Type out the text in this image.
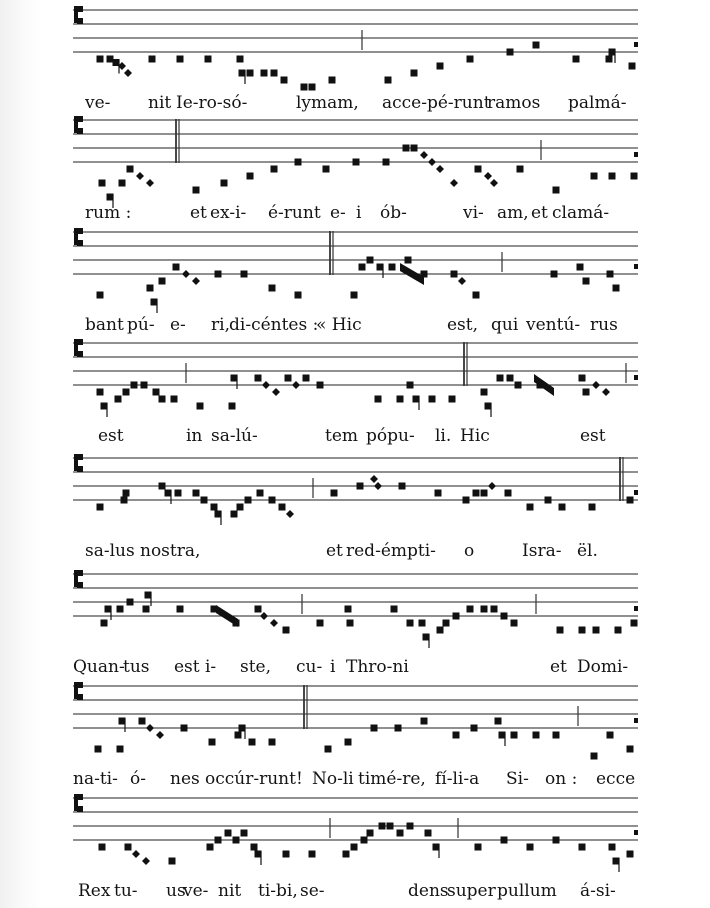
ve- nit Ie-ro-só-	lymam, acce-pé-runt
ramos palmá-
rum :	et ex-i- é-runt e- i ób-	vi- am, et clamá-
bant pú- e- ri, di-céntes :
« Hic	est, qui ventú- rus
est	in sa-lú-	tem pópu- li. Hic	est
sa-lus nostra,	et red-émpti- o	Isra- ël.
Quan-
tus est i- ste, cu- i Thro-ni	et Domi-
na-ti- ó- nes occúr-runt! No-li timé-re, fí-li-a Si- on : ecce
Rex tu- us
ve- nit ti-bi, se-	dens
super pullum á-si-
